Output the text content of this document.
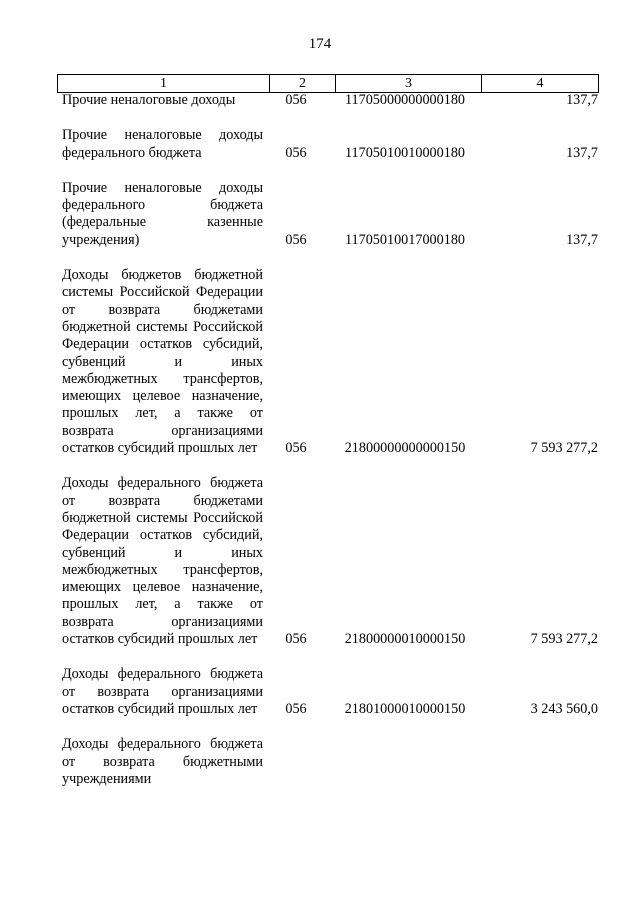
174
1	2	3	4
Прочие неналоговые доходы	056	11705000000000180	137,7
Прочие неналоговые доходы федерального бюджета	056	11705010010000180	137,7
Прочие неналоговые доходы федерального бюджета (федеральные казенные учреждения)	056	11705010017000180	137,7
Доходы бюджетов бюджетной системы Российской Федерации от возврата бюджетами бюджетной системы Российской Федерации остатков субсидий, субвенций и иных межбюджетных трансфертов, имеющих целевое назначение, прошлых лет, а также от возврата организациями остатков субсидий прошлых лет	056	21800000000000150	7 593 277,2
Доходы федерального бюджета от возврата бюджетами бюджетной системы Российской Федерации остатков субсидий, субвенций и иных межбюджетных трансфертов, имеющих целевое назначение, прошлых лет, а также от возврата организациями остатков субсидий прошлых лет	056	21800000010000150	7 593 277,2
Доходы федерального бюджета от возврата организациями остатков субсидий прошлых лет	056	21801000010000150	3 243 560,0
Доходы федерального бюджета от возврата бюджетными учреждениями
